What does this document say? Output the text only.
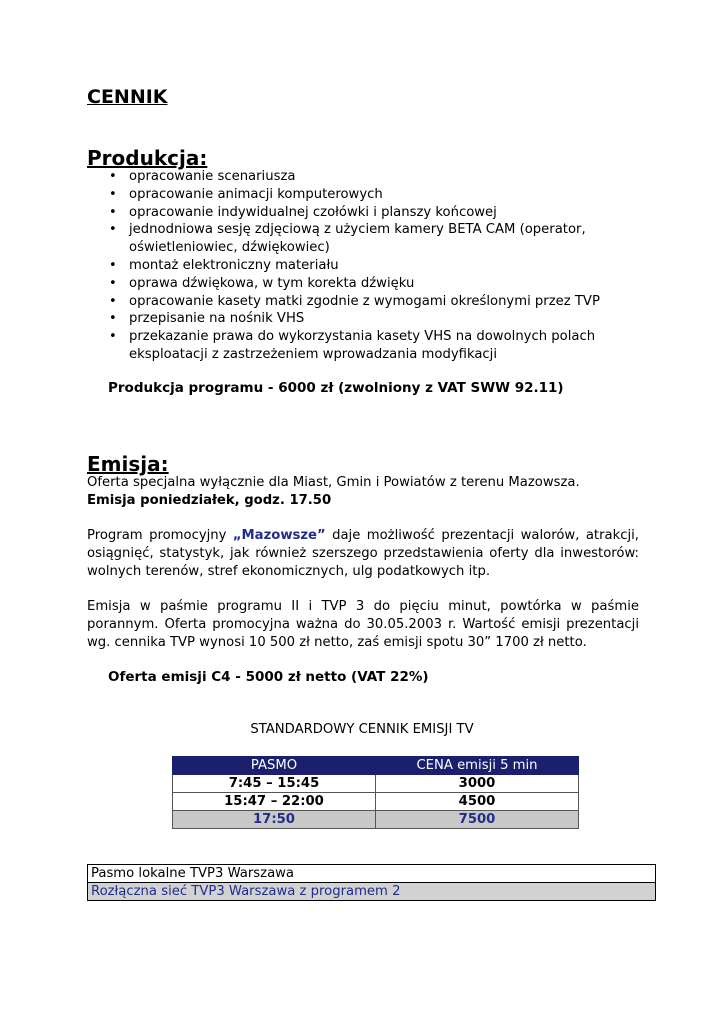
CENNIK
Produkcja:
• opracowanie scenariusza
• opracowanie animacji komputerowych
• opracowanie indywidualnej czołówki i planszy końcowej
• jednodniowa sesję zdjęciową z użyciem kamery BETA CAM (operator, oświetleniowiec, dźwiękowiec)
• montaż elektroniczny materiału
• oprawa dźwiękowa, w tym korekta dźwięku
• opracowanie kasety matki zgodnie z wymogami określonymi przez TVP
• przepisanie na nośnik VHS
• przekazanie prawa do wykorzystania kasety VHS na dowolnych polach eksploatacji z zastrzeżeniem wprowadzania modyfikacji
Produkcja programu - 6000 zł (zwolniony z VAT SWW 92.11)
Emisja:
Oferta specjalna wyłącznie dla Miast, Gmin i Powiatów z terenu Mazowsza.
Emisja poniedziałek, godz. 17.50
Program promocyjny „Mazowsze” daje możliwość prezentacji walorów, atrakcji, osiągnięć, statystyk, jak również szerszego przedstawienia oferty dla inwestorów: wolnych terenów, stref ekonomicznych, ulg podatkowych itp.
Emisja w paśmie programu II i TVP 3 do pięciu minut, powtórka w paśmie porannym. Oferta promocyjna ważna do 30.05.2003 r. Wartość emisji prezentacji wg. cennika TVP wynosi 10 500 zł netto, zaś emisji spotu 30” 1700 zł netto.
Oferta emisji C4 - 5000 zł netto (VAT 22%)
STANDARDOWY CENNIK EMISJI TV
PASMO	CENA emisji 5 min
7:45 – 15:45	3000
15:47 – 22:00	4500
17:50	7500
Pasmo lokalne TVP3 Warszawa
Rozłączna sieć TVP3 Warszawa z programem 2
